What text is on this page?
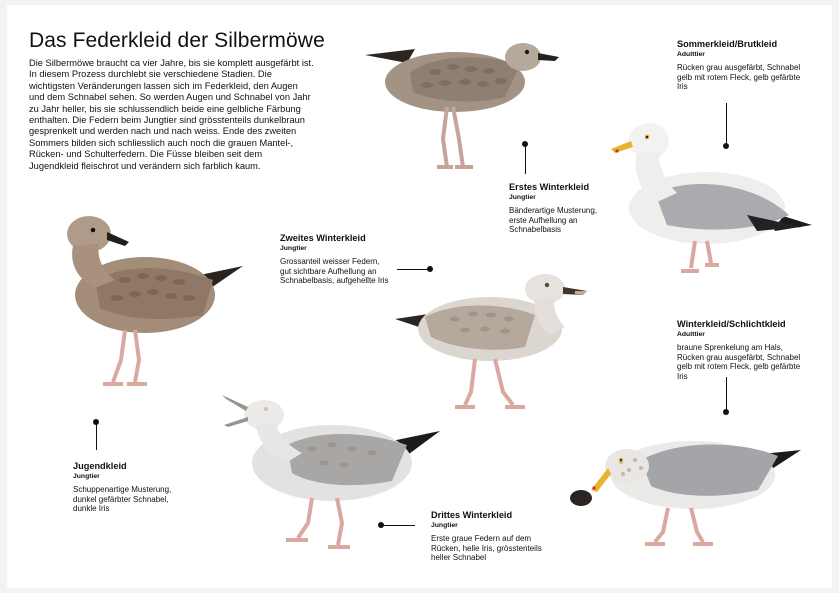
Das Federkleid der Silbermöwe

Die Silbermöwe braucht ca vier Jahre, bis sie komplett ausgefärbt ist. In diesem Prozess durchlebt sie verschiedene Stadien. Die wichtigsten Veränderungen lassen sich im Federkleid, den Augen und dem Schnabel sehen. So werden Augen und Schnabel von Jahr zu Jahr heller, bis sie schlussendlich beide eine gelbliche Färbung enthalten. Die Federn beim Jungtier sind grösstenteils dunkelbraun gesprenkelt und werden nach und nach weiss. Ende des zweiten Sommers bilden sich schliesslich auch noch die grauen Mantel-, Rücken- und Schulterfedern. Die Füsse bleiben seit dem Jugendkleid fleischrot und verändern sich farblich kaum.

Erstes Winterkleid
Jungtier
Bänderartige Musterung, erste Aufhellung an Schnabelbasis
Sommerkleid/Brutkleid
Adulttier
Rücken grau ausgefärbt, Schnabel gelb mit rotem Fleck, gelb gefärbte Iris
Jugendkleid
Jungtier
Schuppenartige Musterung, dunkel gefärbter Schnabel, dunkle Iris
Zweites Winterkleid
Jungtier
Grossanteil weisser Federn, gut sichtbare Aufhellung an Schnabelbasis, aufgehellte Iris
Winterkleid/Schlichtkleid
Adulttier
braune Sprenkelung am Hals, Rücken grau ausgefärbt, Schnabel gelb mit rotem Fleck, gelb gefärbte Iris
Drittes Winterkleid
Jungtier
Erste graue Federn auf dem Rücken, helle Iris, grösstenteils heller Schnabel
